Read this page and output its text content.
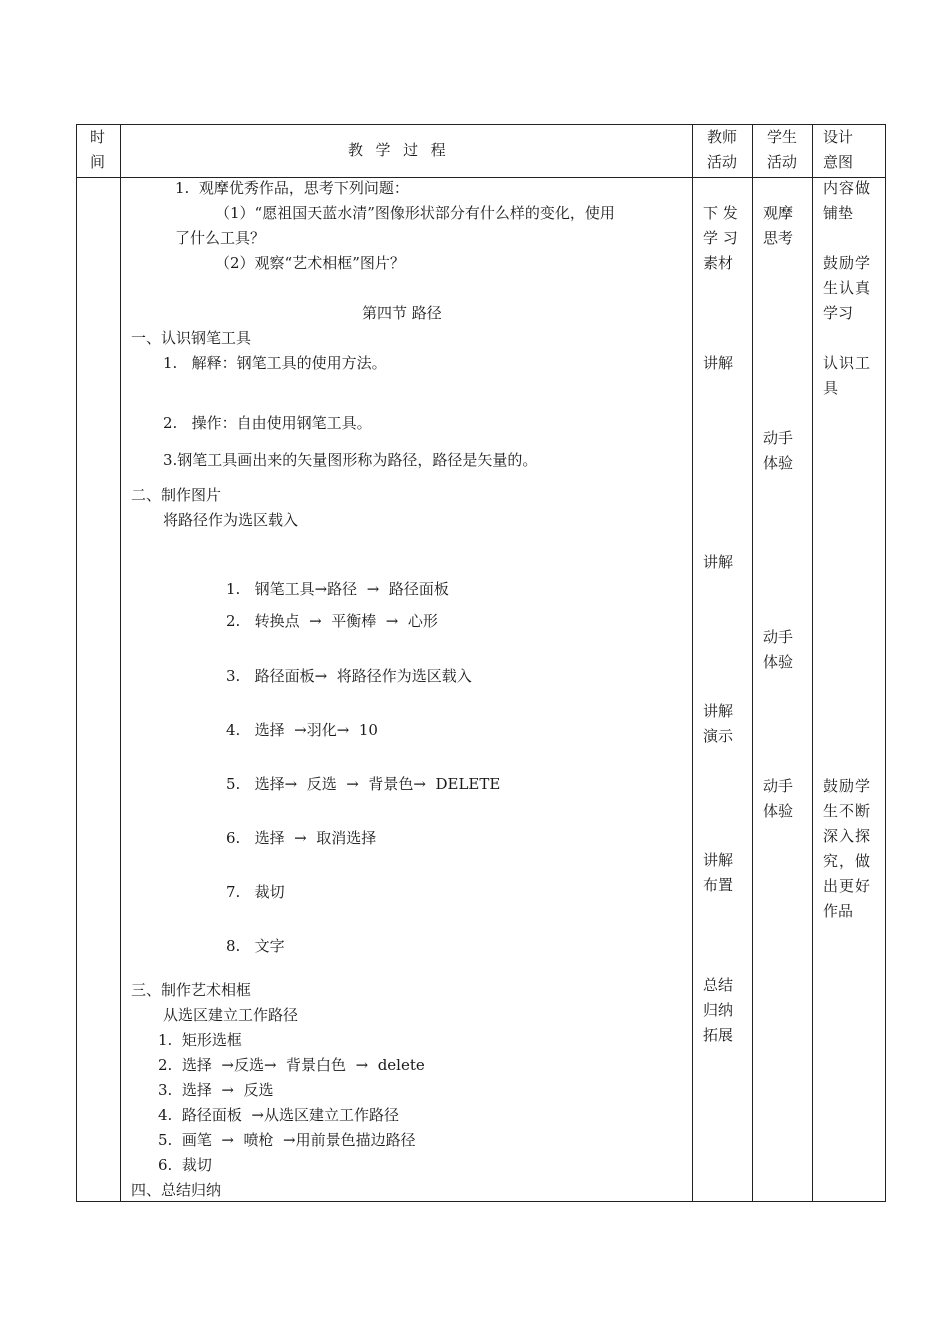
时
间
教  学  过  程
教师
活动
学生
活动
设计
意图
1.  观摩优秀作品，思考下列问题：
（1）“愿祖国天蓝水清”图像形状部分有什么样的变化，使用
了什么工具？
（2）观察“艺术相框”图片？
第四节 路径
一、认识钢笔工具
1.   解释：钢笔工具的使用方法。
2.   操作：自由使用钢笔工具。
3.钢笔工具画出来的矢量图形称为路径，路径是矢量的。
二、制作图片
将路径作为选区载入
1.   钢笔工具→路径  →  路径面板
2.   转换点  →  平衡棒  →  心形
3.   路径面板→  将路径作为选区载入
4.   选择  →羽化→  10
5.   选择→  反选  →  背景色→  DELETE
6.   选择  →  取消选择
7.   裁切
8.   文字
三、制作艺术相框
从选区建立工作路径
1.  矩形选框
2.  选择  →反选→  背景白色  →  delete
3.  选择  →  反选
4.  路径面板  →从选区建立工作路径
5.  画笔  →  喷枪  →用前景色描边路径
6.  裁切
四、总结归纳
下 发
学 习
素材
讲解
讲解
讲解
演示
讲解
布置
总结
归纳
拓展
观摩
思考
动手
体验
动手
体验
动手
体验
内容做
铺垫
鼓励学
生认真
学习
认识工
具
鼓励学
生不断
深入探
究，做
出更好
作品
